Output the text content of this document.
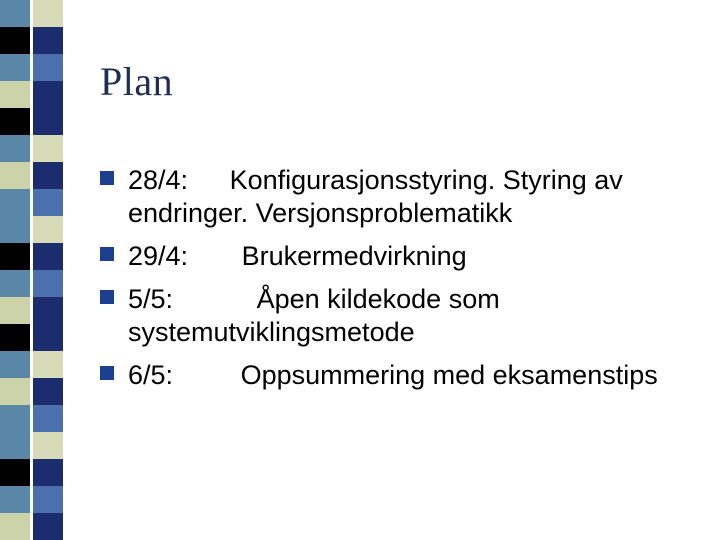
Plan
28/4: Konfigurasjonsstyring. Styring av endringer. Versjonsproblematikk
29/4: Brukermedvirkning
5/5:	Åpen kildekode som systemutviklingsmetode
6/5:	Oppsummering med eksamenstips
